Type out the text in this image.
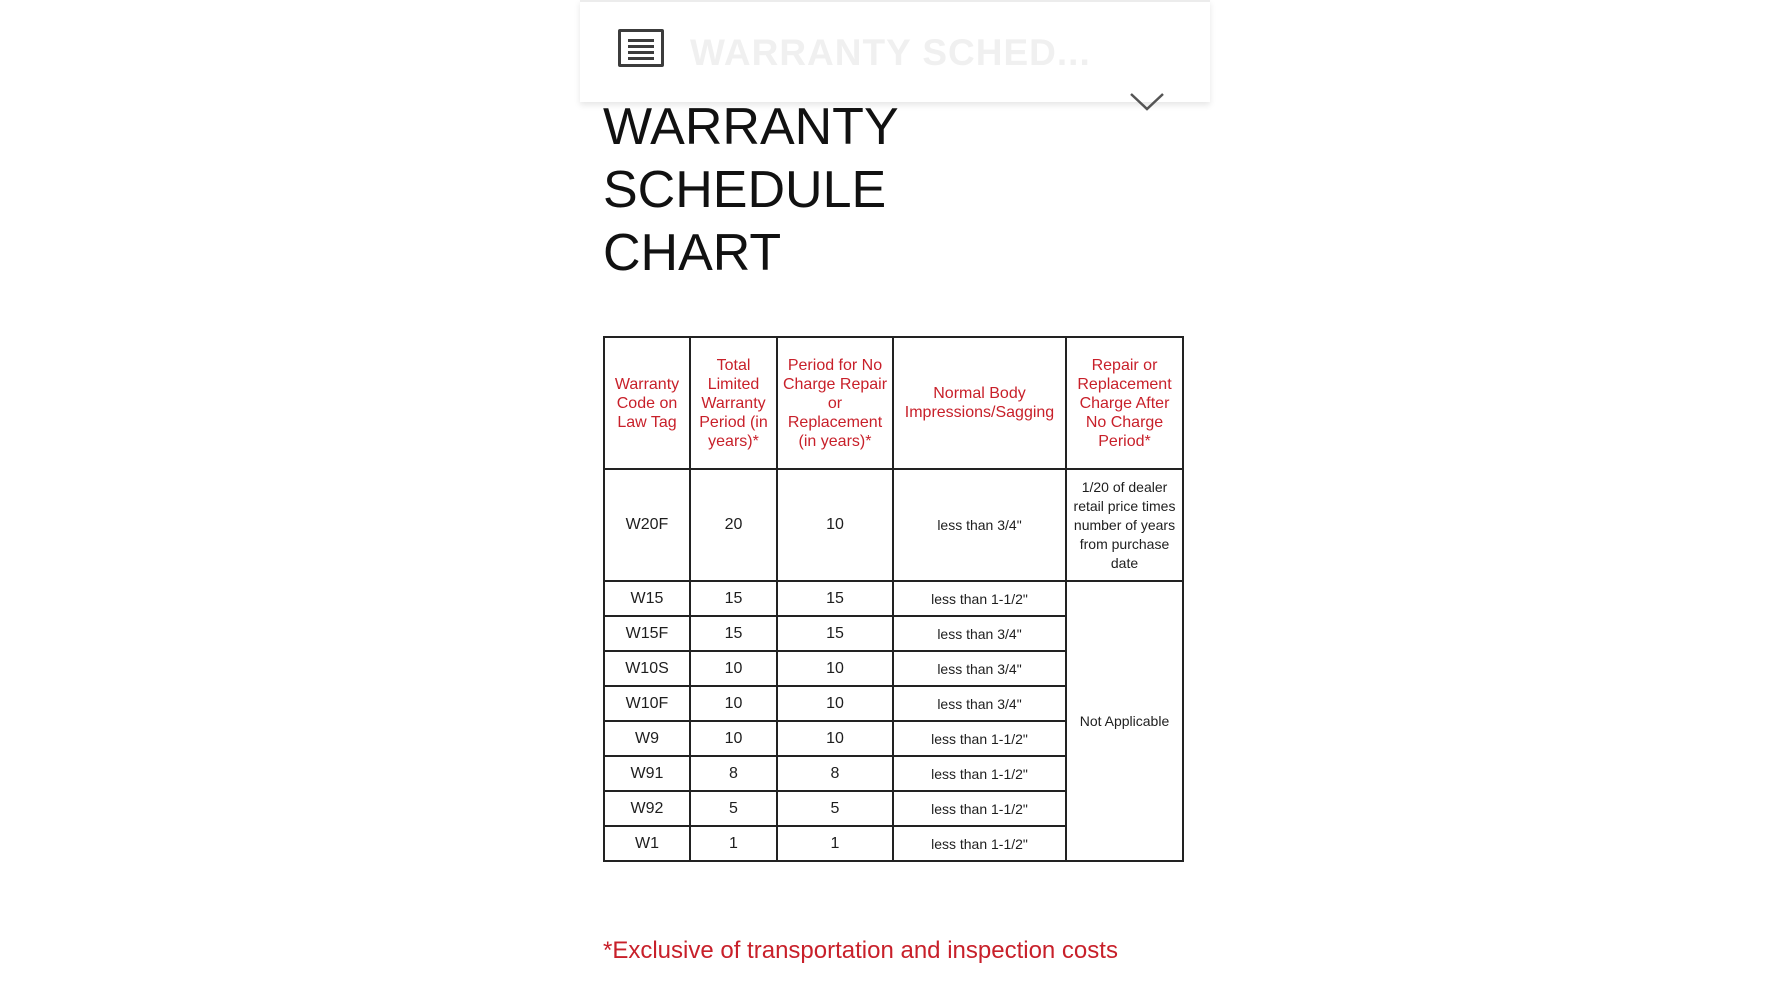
WARRANTY SCHED...
WARRANTY
SCHEDULE
CHART
Warranty Code on Law Tag	Total Limited Warranty Period (in years)*	Period for No Charge Repair or Replacement (in years)*	Normal Body Impressions/Sagging	Repair or Replacement Charge After No Charge Period*
W20F	20	10	less than 3/4"	1/20 of dealer retail price times number of years from purchase date
W15	15	15	less than 1-1/2"	Not Applicable
W15F	15	15	less than 3/4"	
W10S	10	10	less than 3/4"	
W10F	10	10	less than 3/4"	
W9	10	10	less than 1-1/2"	
W91	8	8	less than 1-1/2"	
W92	5	5	less than 1-1/2"	
W1	1	1	less than 1-1/2"	
*Exclusive of transportation and inspection costs
